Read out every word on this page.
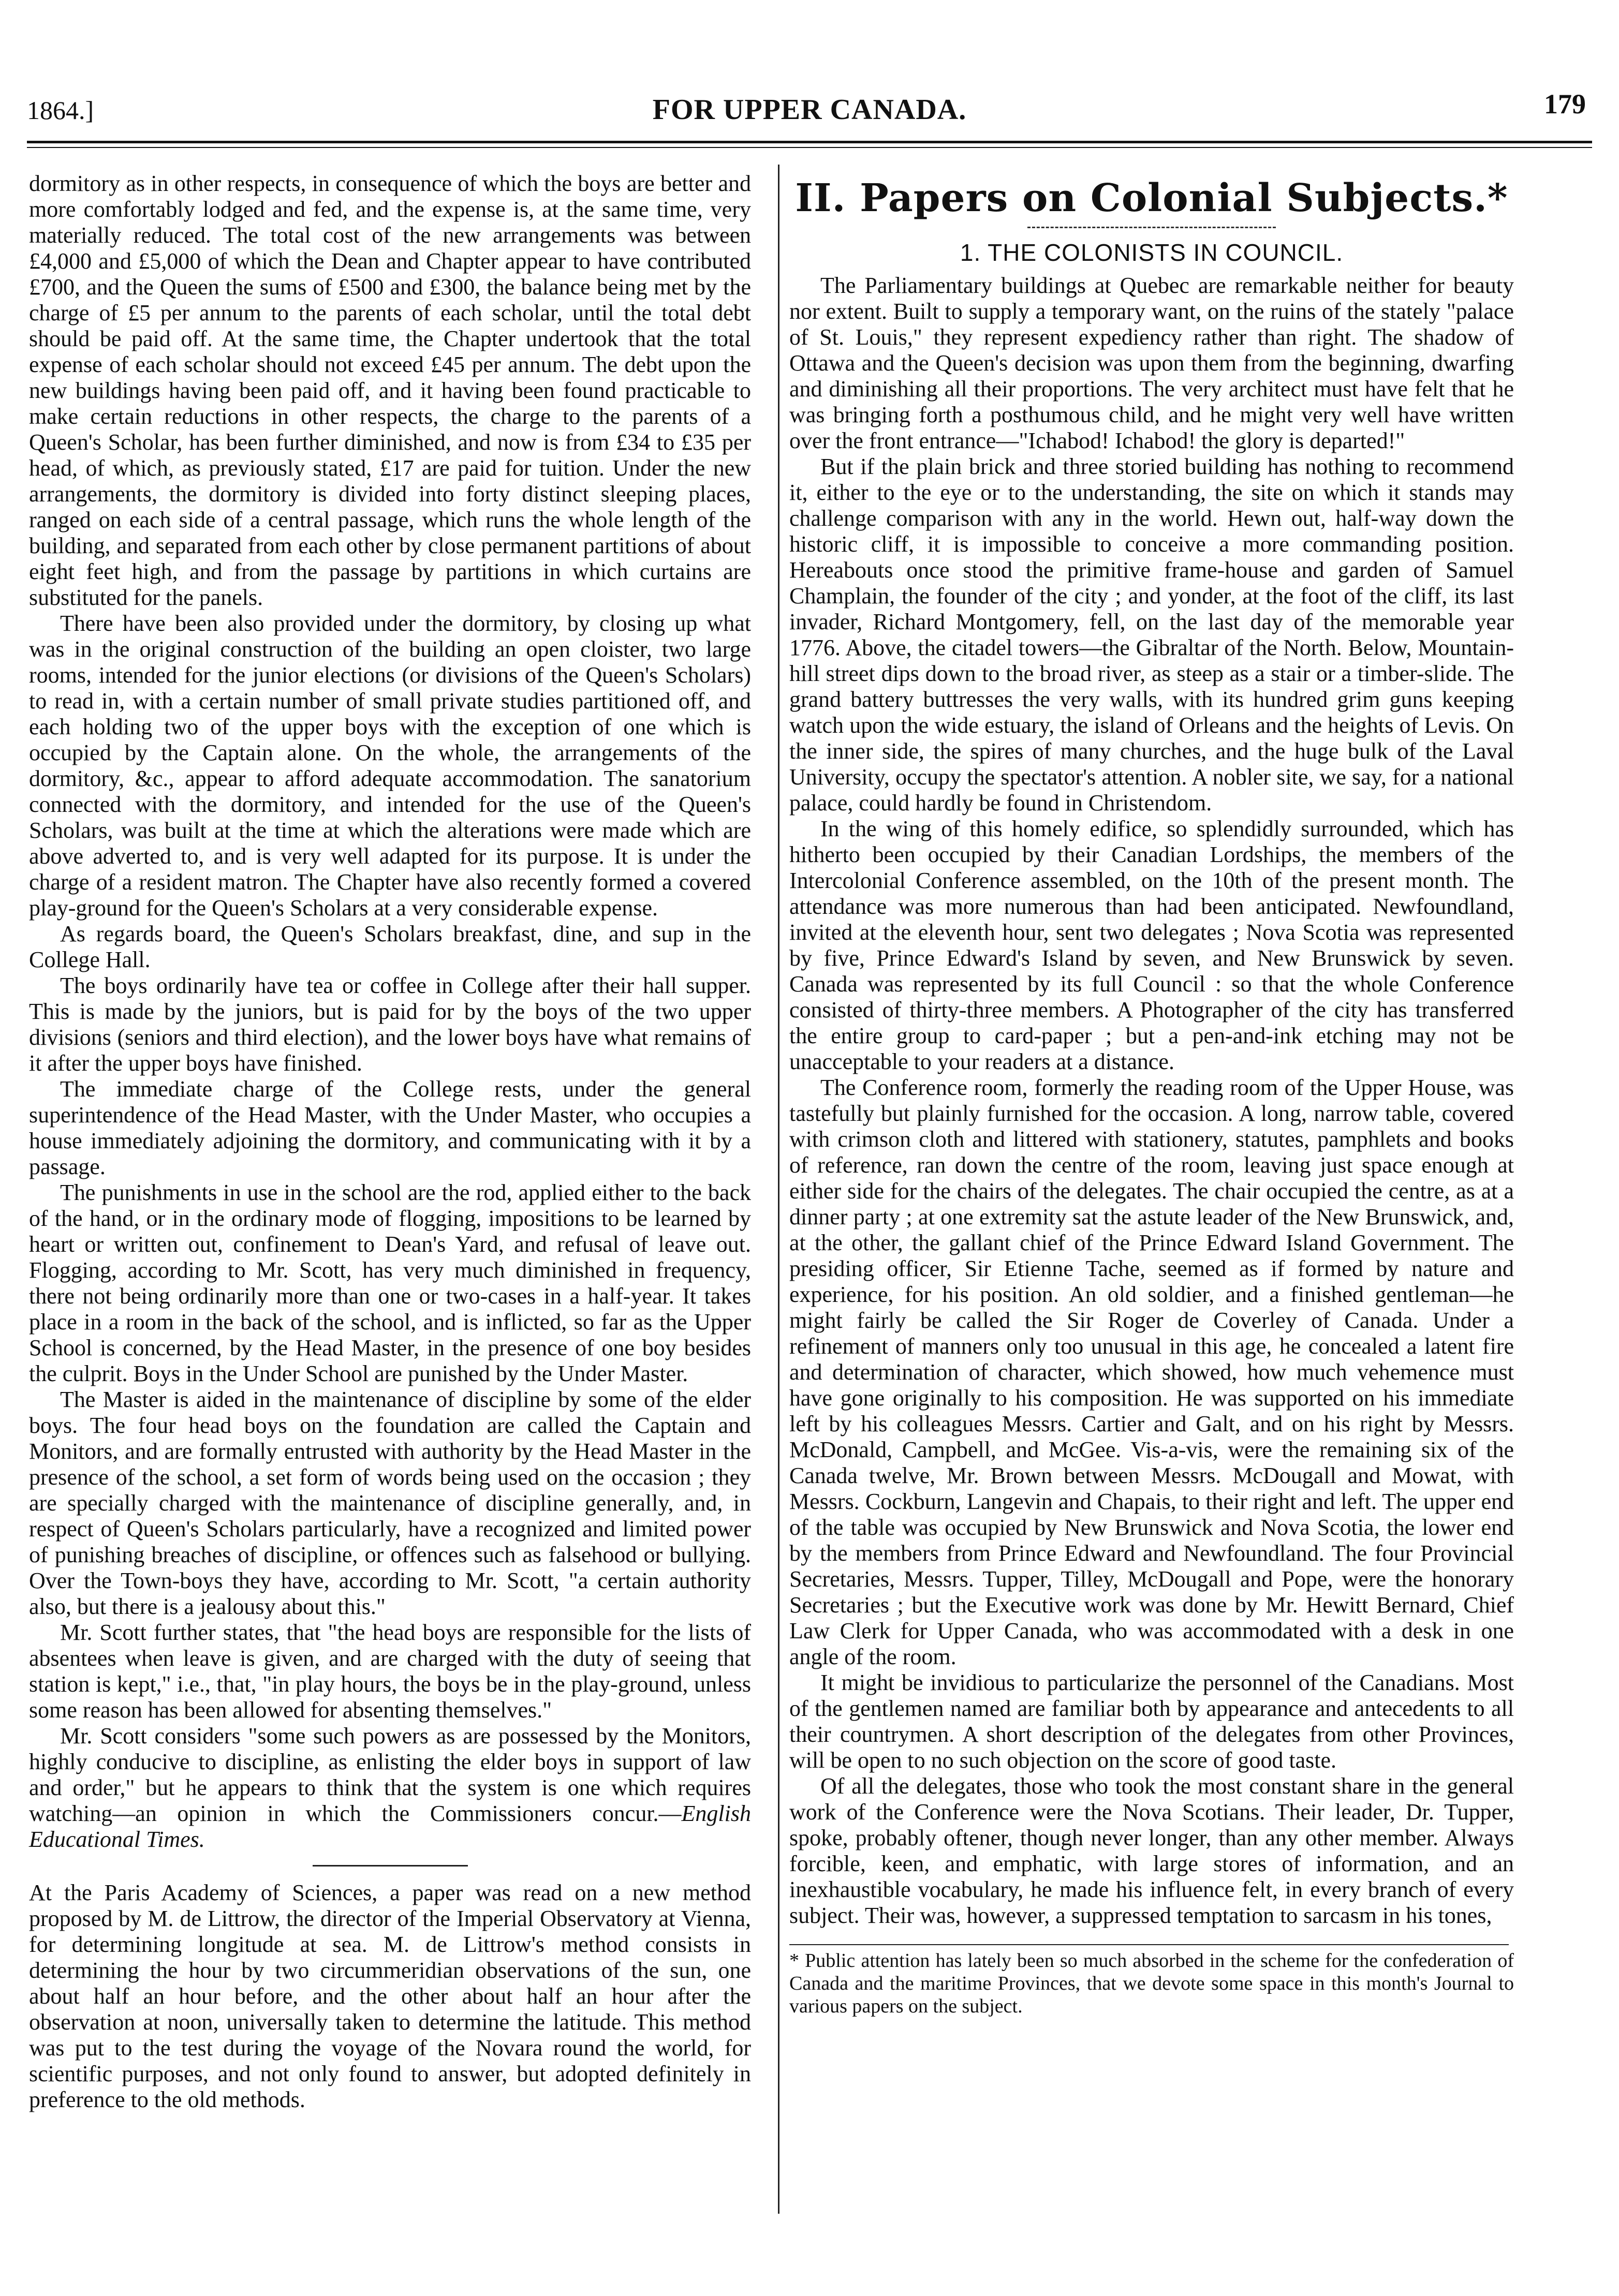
1864.]	FOR UPPER CANADA.	179

dormitory as in other respects, in consequence of which the boys are better and more comfortably lodged and fed, and the expense is, at the same time, very materially reduced. The total cost of the new arrangements was between £4,000 and £5,000 of which the Dean and Chapter appear to have contributed £700, and the Queen the sums of £500 and £300, the balance being met by the charge of £5 per annum to the parents of each scholar, until the total debt should be paid off. At the same time, the Chapter undertook that the total expense of each scholar should not exceed £45 per annum. The debt upon the new buildings having been paid off, and it having been found practicable to make certain reductions in other respects, the charge to the parents of a Queen's Scholar, has been further diminished, and now is from £34 to £35 per head, of which, as previously stated, £17 are paid for tuition. Under the new arrangements, the dormitory is divided into forty distinct sleeping places, ranged on each side of a central passage, which runs the whole length of the building, and separated from each other by close permanent partitions of about eight feet high, and from the passage by partitions in which curtains are substituted for the panels.

There have been also provided under the dormitory, by closing up what was in the original construction of the building an open cloister, two large rooms, intended for the junior elections (or divisions of the Queen's Scholars) to read in, with a certain number of small private studies partitioned off, and each holding two of the upper boys with the exception of one which is occupied by the Captain alone. On the whole, the arrangements of the dormitory, &c., appear to afford adequate accommodation. The sanatorium connected with the dormitory, and intended for the use of the Queen's Scholars, was built at the time at which the alterations were made which are above adverted to, and is very well adapted for its purpose. It is under the charge of a resident matron. The Chapter have also recently formed a covered play-ground for the Queen's Scholars at a very considerable expense.

As regards board, the Queen's Scholars breakfast, dine, and sup in the College Hall.

The boys ordinarily have tea or coffee in College after their hall supper. This is made by the juniors, but is paid for by the boys of the two upper divisions (seniors and third election), and the lower boys have what remains of it after the upper boys have finished.

The immediate charge of the College rests, under the general superintendence of the Head Master, with the Under Master, who occupies a house immediately adjoining the dormitory, and communicating with it by a passage.

The punishments in use in the school are the rod, applied either to the back of the hand, or in the ordinary mode of flogging, impositions to be learned by heart or written out, confinement to Dean's Yard, and refusal of leave out. Flogging, according to Mr. Scott, has very much diminished in frequency, there not being ordinarily more than one or two-cases in a half-year. It takes place in a room in the back of the school, and is inflicted, so far as the Upper School is concerned, by the Head Master, in the presence of one boy besides the culprit. Boys in the Under School are punished by the Under Master.

The Master is aided in the maintenance of discipline by some of the elder boys. The four head boys on the foundation are called the Captain and Monitors, and are formally entrusted with authority by the Head Master in the presence of the school, a set form of words being used on the occasion ; they are specially charged with the maintenance of discipline generally, and, in respect of Queen's Scholars particularly, have a recognized and limited power of punishing breaches of discipline, or offences such as falsehood or bullying. Over the Town-boys they have, according to Mr. Scott, "a certain authority also, but there is a jealousy about this."

Mr. Scott further states, that "the head boys are responsible for the lists of absentees when leave is given, and are charged with the duty of seeing that station is kept," i.e., that, "in play hours, the boys be in the play-ground, unless some reason has been allowed for absenting themselves."

Mr. Scott considers "some such powers as are possessed by the Monitors, highly conducive to discipline, as enlisting the elder boys in support of law and order," but he appears to think that the system is one which requires watching—an opinion in which the Commissioners concur.—English Educational Times.

At the Paris Academy of Sciences, a paper was read on a new method proposed by M. de Littrow, the director of the Imperial Observatory at Vienna, for determining longitude at sea. M. de Littrow's method consists in determining the hour by two circummeridian observations of the sun, one about half an hour before, and the other about half an hour after the observation at noon, universally taken to determine the latitude. This method was put to the test during the voyage of the Novara round the world, for scientific purposes, and not only found to answer, but adopted definitely in preference to the old methods.

II. Papers on Colonial Subjects.*
1. THE COLONISTS IN COUNCIL.

The Parliamentary buildings at Quebec are remarkable neither for beauty nor extent. Built to supply a temporary want, on the ruins of the stately "palace of St. Louis," they represent expediency rather than right. The shadow of Ottawa and the Queen's decision was upon them from the beginning, dwarfing and diminishing all their proportions. The very architect must have felt that he was bringing forth a posthumous child, and he might very well have written over the front entrance—"Ichabod! Ichabod! the glory is departed!"

But if the plain brick and three storied building has nothing to recommend it, either to the eye or to the understanding, the site on which it stands may challenge comparison with any in the world. Hewn out, half-way down the historic cliff, it is impossible to conceive a more commanding position. Hereabouts once stood the primitive frame-house and garden of Samuel Champlain, the founder of the city ; and yonder, at the foot of the cliff, its last invader, Richard Montgomery, fell, on the last day of the memorable year 1776. Above, the citadel towers—the Gibraltar of the North. Below, Mountain-hill street dips down to the broad river, as steep as a stair or a timber-slide. The grand battery buttresses the very walls, with its hundred grim guns keeping watch upon the wide estuary, the island of Orleans and the heights of Levis. On the inner side, the spires of many churches, and the huge bulk of the Laval University, occupy the spectator's attention. A nobler site, we say, for a national palace, could hardly be found in Christendom.

In the wing of this homely edifice, so splendidly surrounded, which has hitherto been occupied by their Canadian Lordships, the members of the Intercolonial Conference assembled, on the 10th of the present month. The attendance was more numerous than had been anticipated. Newfoundland, invited at the eleventh hour, sent two delegates ; Nova Scotia was represented by five, Prince Edward's Island by seven, and New Brunswick by seven. Canada was represented by its full Council : so that the whole Conference consisted of thirty-three members. A Photographer of the city has transferred the entire group to card-paper ; but a pen-and-ink etching may not be unacceptable to your readers at a distance.

The Conference room, formerly the reading room of the Upper House, was tastefully but plainly furnished for the occasion. A long, narrow table, covered with crimson cloth and littered with stationery, statutes, pamphlets and books of reference, ran down the centre of the room, leaving just space enough at either side for the chairs of the delegates. The chair occupied the centre, as at a dinner party ; at one extremity sat the astute leader of the New Brunswick, and, at the other, the gallant chief of the Prince Edward Island Government. The presiding officer, Sir Etienne Tache, seemed as if formed by nature and experience, for his position. An old soldier, and a finished gentleman—he might fairly be called the Sir Roger de Coverley of Canada. Under a refinement of manners only too unusual in this age, he concealed a latent fire and determination of character, which showed, how much vehemence must have gone originally to his composition. He was supported on his immediate left by his colleagues Messrs. Cartier and Galt, and on his right by Messrs. McDonald, Campbell, and McGee. Vis-a-vis, were the remaining six of the Canada twelve, Mr. Brown between Messrs. McDougall and Mowat, with Messrs. Cockburn, Langevin and Chapais, to their right and left. The upper end of the table was occupied by New Brunswick and Nova Scotia, the lower end by the members from Prince Edward and Newfoundland. The four Provincial Secretaries, Messrs. Tupper, Tilley, McDougall and Pope, were the honorary Secretaries ; but the Executive work was done by Mr. Hewitt Bernard, Chief Law Clerk for Upper Canada, who was accommodated with a desk in one angle of the room.

It might be invidious to particularize the personnel of the Canadians. Most of the gentlemen named are familiar both by appearance and antecedents to all their countrymen. A short description of the delegates from other Provinces, will be open to no such objection on the score of good taste.

Of all the delegates, those who took the most constant share in the general work of the Conference were the Nova Scotians. Their leader, Dr. Tupper, spoke, probably oftener, though never longer, than any other member. Always forcible, keen, and emphatic, with large stores of information, and an inexhaustible vocabulary, he made his influence felt, in every branch of every subject. Their was, however, a suppressed temptation to sarcasm in his tones,

* Public attention has lately been so much absorbed in the scheme for the confederation of Canada and the maritime Provinces, that we devote some space in this month's Journal to various papers on the subject.
